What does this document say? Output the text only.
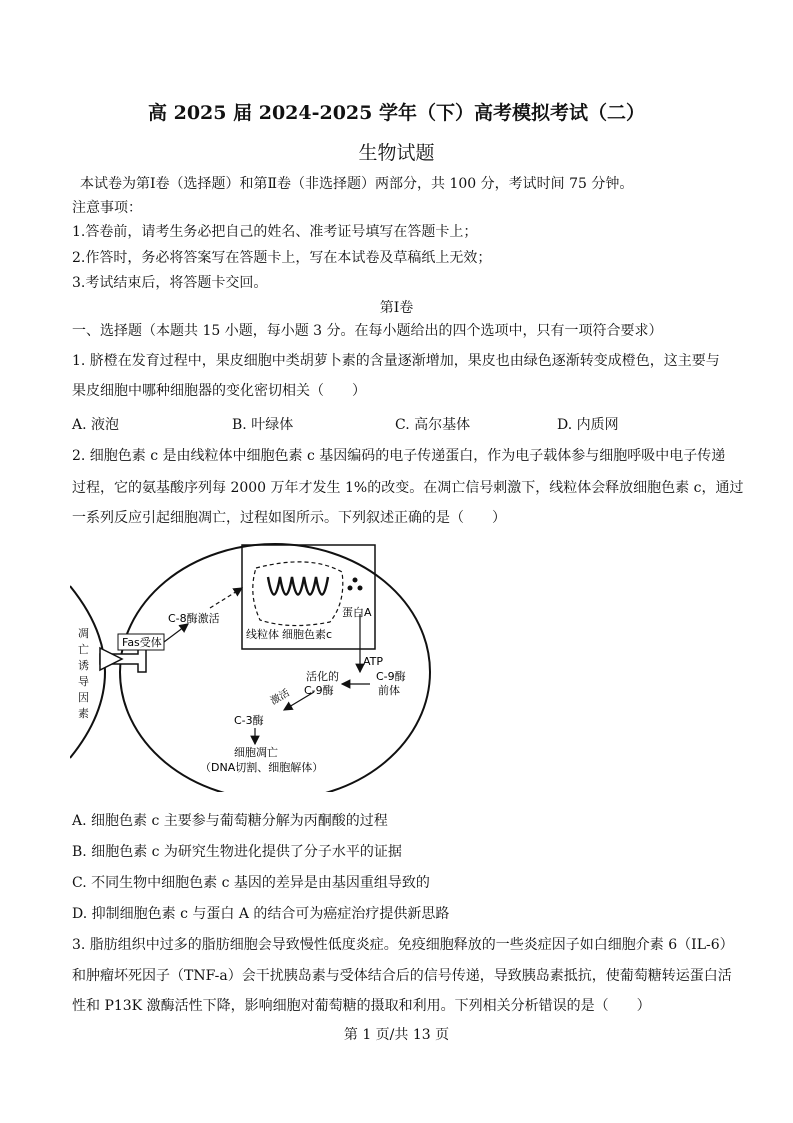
高 2025 届 2024-2025 学年（下）高考模拟考试（二）
生物试题
本试卷为第Ⅰ卷（选择题）和第Ⅱ卷（非选择题）两部分，共 100 分，考试时间 75 分钟。
注意事项：
1.答卷前，请考生务必把自己的姓名、准考证号填写在答题卡上；
2.作答时，务必将答案写在答题卡上，写在本试卷及草稿纸上无效；
3.考试结束后，将答题卡交回。
第Ⅰ卷
一、选择题（本题共 15 小题，每小题 3 分。在每小题给出的四个选项中，只有一项符合要求）
1. 脐橙在发育过程中，果皮细胞中类胡萝卜素的含量逐渐增加，果皮也由绿色逐渐转变成橙色，这主要与
果皮细胞中哪种细胞器的变化密切相关（　　）
A. 液泡	B. 叶绿体	C. 高尔基体	D. 内质网
2. 细胞色素 c 是由线粒体中细胞色素 c 基因编码的电子传递蛋白，作为电子载体参与细胞呼吸中电子传递
过程，它的氨基酸序列每 2000 万年才发生 1%的改变。在凋亡信号刺激下，线粒体会释放细胞色素 c，通过
一系列反应引起细胞凋亡，过程如图所示。下列叙述正确的是（　　）
凋
亡
诱
导
因
素
Fas受体
C-8酶激活
线粒体 细胞色素c
蛋白A
ATP
C-9酶
前体
活化的
C-9酶
激活
C-3酶
细胞凋亡
（DNA切割、细胞解体）
A. 细胞色素 c 主要参与葡萄糖分解为丙酮酸的过程
B. 细胞色素 c 为研究生物进化提供了分子水平的证据
C. 不同生物中细胞色素 c 基因的差异是由基因重组导致的
D. 抑制细胞色素 c 与蛋白 A 的结合可为癌症治疗提供新思路
3. 脂肪组织中过多的脂肪细胞会导致慢性低度炎症。免疫细胞释放的一些炎症因子如白细胞介素 6（IL-6）
和肿瘤坏死因子（TNF-a）会干扰胰岛素与受体结合后的信号传递，导致胰岛素抵抗，使葡萄糖转运蛋白活
性和 P13K 激酶活性下降，影响细胞对葡萄糖的摄取和利用。下列相关分析错误的是（　　）
第 1 页/共 13 页
